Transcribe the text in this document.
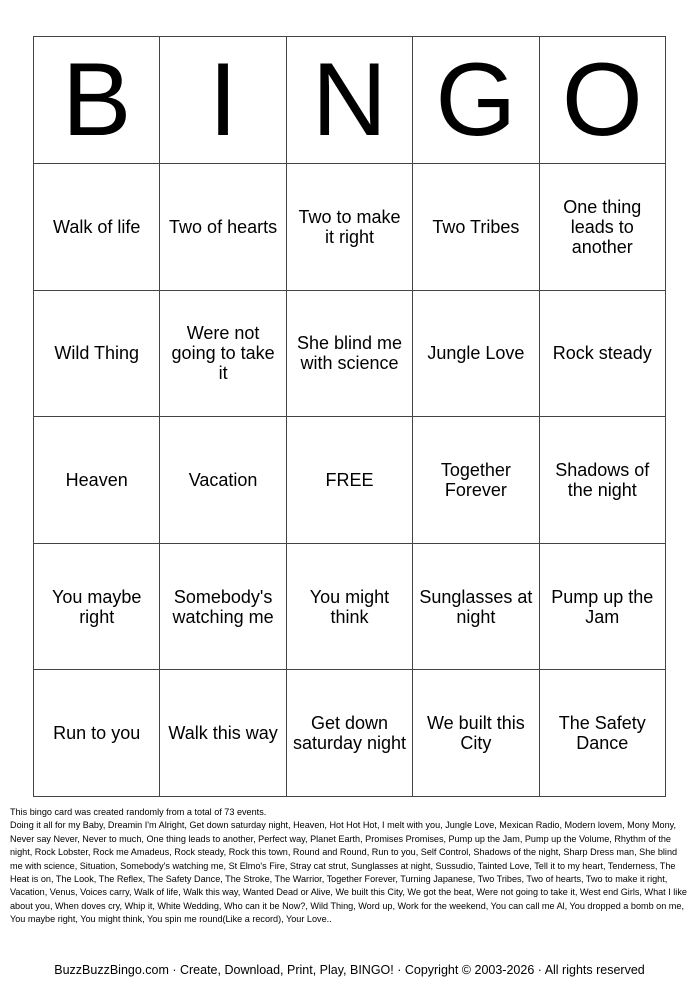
B	I	N	G	O
Walk of life	Two of hearts	Two to make it right	Two Tribes	One thing leads to another
Wild Thing	Were not going to take it	She blind me with science	Jungle Love	Rock steady
Heaven	Vacation	FREE	Together Forever	Shadows of the night
You maybe right	Somebody's watching me	You might think	Sunglasses at night	Pump up the Jam
Run to you	Walk this way	Get down saturday night	We built this City	The Safety Dance

This bingo card was created randomly from a total of 73 events.

Doing it all for my Baby, Dreamin I'm Alright, Get down saturday night, Heaven, Hot Hot Hot, I melt with you, Jungle Love, Mexican Radio, Modern lovem, Mony Mony, Never say Never, Never to much, One thing leads to another, Perfect way, Planet Earth, Promises Promises, Pump up the Jam, Pump up the Volume, Rhythm of the night, Rock Lobster, Rock me Amadeus, Rock steady, Rock this town, Round and Round, Run to you, Self Control, Shadows of the night, Sharp Dress man, She blind me with science, Situation, Somebody's watching me, St Elmo's Fire, Stray cat strut, Sunglasses at night, Sussudio, Tainted Love, Tell it to my heart, Tenderness, The Heat is on, The Look, The Reflex, The Safety Dance, The Stroke, The Warrior, Together Forever, Turning Japanese, Two Tribes, Two of hearts, Two to make it right, Vacation, Venus, Voices carry, Walk of life, Walk this way, Wanted Dead or Alive, We built this City, We got the beat, Were not going to take it, West end Girls, What I like about you, When doves cry, Whip it, White Wedding, Who can it be Now?, Wild Thing, Word up, Work for the weekend, You can call me Al, You dropped a bomb on me, You maybe right, You might think, You spin me round(Like a record), Your Love..

BuzzBuzzBingo.com · Create, Download, Print, Play, BINGO! · Copyright © 2003-2026 · All rights reserved
